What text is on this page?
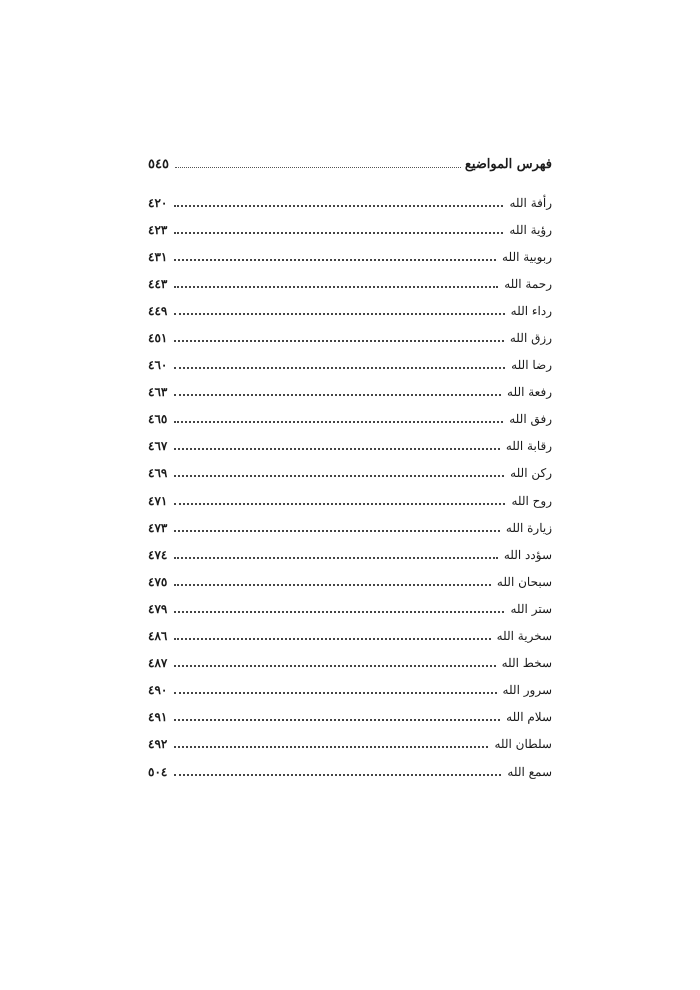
فهرس المواضيع
٥٤٥
رأفة الله
٤٢٠
رؤية الله
٤٢٣
ربوبية الله
٤٣١
رحمة الله
٤٤٣
رداء الله
٤٤٩
رزق الله
٤٥١
رضا الله
٤٦٠
رفعة الله
٤٦٣
رفق الله
٤٦٥
رقابة الله
٤٦٧
ركن الله
٤٦٩
روح الله
٤٧١
زيارة الله
٤٧٣
سؤدد الله
٤٧٤
سبحان الله
٤٧٥
ستر الله
٤٧٩
سخرية الله
٤٨٦
سخط الله
٤٨٧
سرور الله
٤٩٠
سلام الله
٤٩١
سلطان الله
٤٩٢
سمع الله
٥٠٤
